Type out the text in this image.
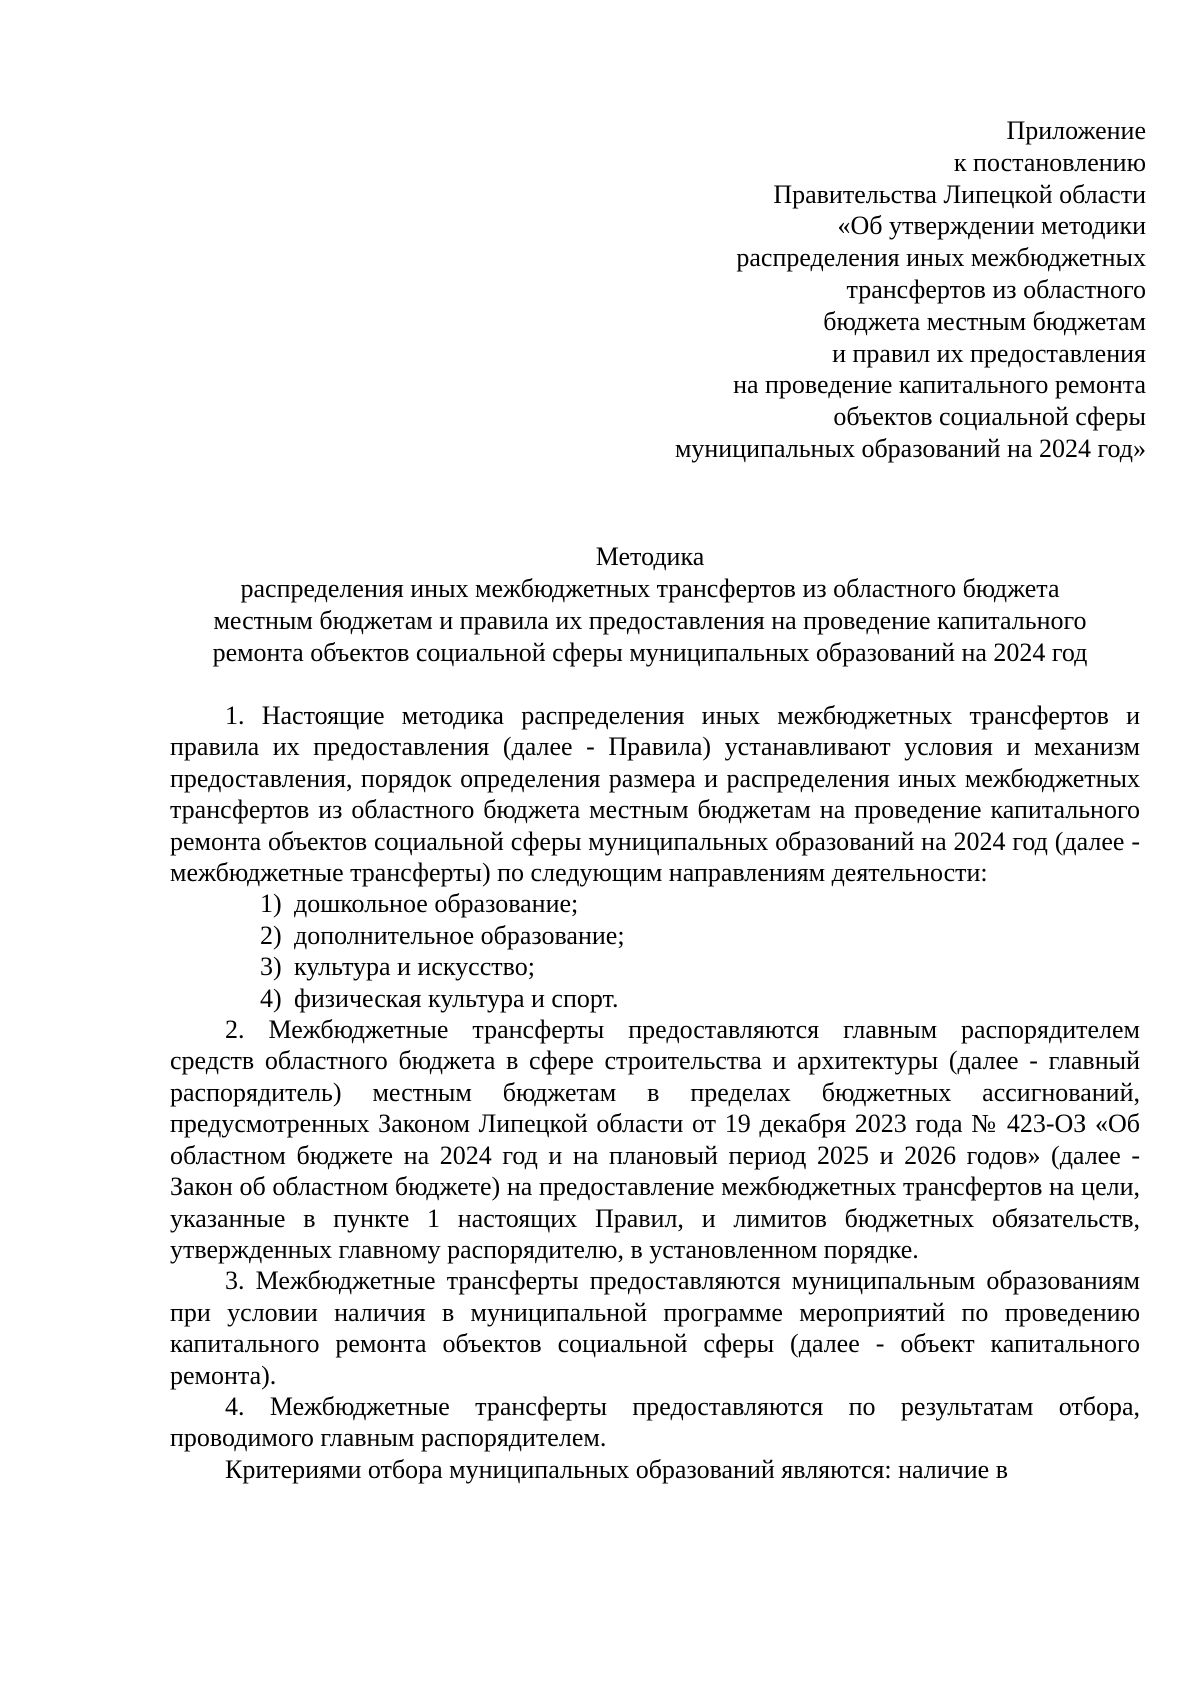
Приложение
к постановлению
Правительства Липецкой области
«Об утверждении методики
распределения иных межбюджетных
трансфертов из областного
бюджета местным бюджетам
и правил их предоставления
на проведение капитального ремонта
объектов социальной сферы
муниципальных образований на 2024 год»
Методика
распределения иных межбюджетных трансфертов из областного бюджета
местным бюджетам и правила их предоставления на проведение капитального
ремонта объектов социальной сферы муниципальных образований на 2024 год

1. Настоящие методика распределения иных межбюджетных трансфертов и правила их предоставления (далее - Правила) устанавливают условия и механизм предоставления, порядок определения размера и распределения иных межбюджетных трансфертов из областного бюджета местным бюджетам на проведение капитального ремонта объектов социальной сферы муниципальных образований на 2024 год (далее - межбюджетные трансферты) по следующим направлениям деятельности:

1) дошкольное образование;
2) дополнительное образование;
3) культура и искусство;
4) физическая культура и спорт.

2. Межбюджетные трансферты предоставляются главным распорядителем средств областного бюджета в сфере строительства и архитектуры (далее - главный распорядитель) местным бюджетам в пределах бюджетных ассигнований, предусмотренных Законом Липецкой области от 19 декабря 2023 года № 423-ОЗ «Об областном бюджете на 2024 год и на плановый период 2025 и 2026 годов» (далее - Закон об областном бюджете) на предоставление межбюджетных трансфертов на цели, указанные в пункте 1 настоящих Правил, и лимитов бюджетных обязательств, утвержденных главному распорядителю, в установленном порядке.

3. Межбюджетные трансферты предоставляются муниципальным образованиям при условии наличия в муниципальной программе мероприятий по проведению капитального ремонта объектов социальной сферы (далее - объект капитального ремонта).

4. Межбюджетные трансферты предоставляются по результатам отбора, проводимого главным распорядителем.

Критериями отбора муниципальных образований являются: наличие в
